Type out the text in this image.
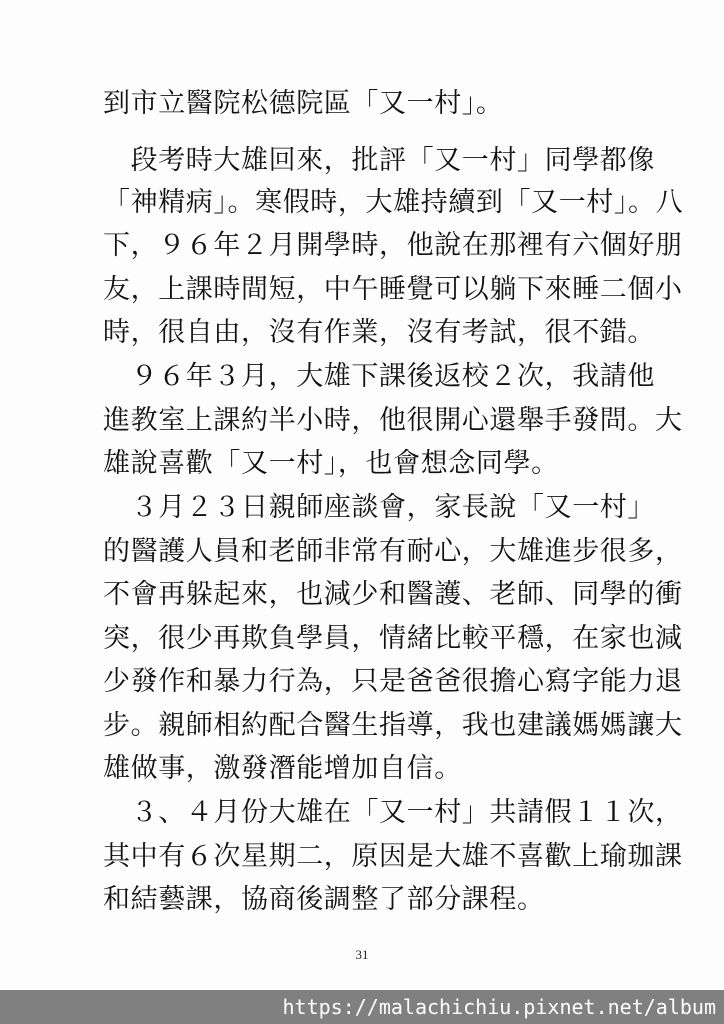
到市立醫院松德院區「又一村」。
　段考時大雄回來，批評「又一村」同學都像
「神精病」。寒假時，大雄持續到「又一村」。八
下，９６年２月開學時，他說在那裡有六個好朋
友，上課時間短，中午睡覺可以躺下來睡二個小
時，很自由，沒有作業，沒有考試，很不錯。
　９６年３月，大雄下課後返校２次，我請他
進教室上課約半小時，他很開心還舉手發問。大
雄說喜歡「又一村」，也會想念同學。
　３月２３日親師座談會，家長說「又一村」
的醫護人員和老師非常有耐心，大雄進步很多，
不會再躲起來，也減少和醫護、老師、同學的衝
突，很少再欺負學員，情緒比較平穩，在家也減
少發作和暴力行為，只是爸爸很擔心寫字能力退
步。親師相約配合醫生指導，我也建議媽媽讓大
雄做事，激發潛能增加自信。
　３、４月份大雄在「又一村」共請假１１次，
其中有６次星期二，原因是大雄不喜歡上瑜珈課
和結藝課，協商後調整了部分課程。
31
https://malachichiu.pixnet.net/album
